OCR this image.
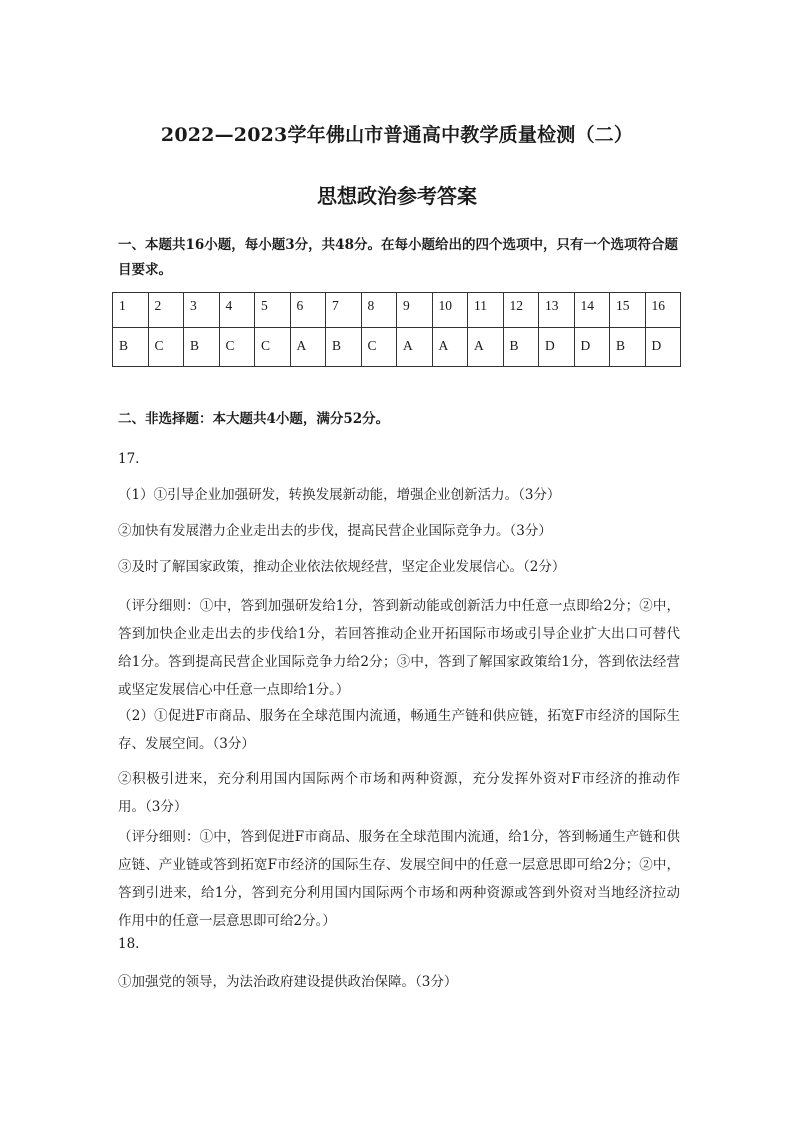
2022—2023学年佛山市普通高中教学质量检测（二）
思想政治参考答案
一、本题共16小题，每小题3分，共48分。在每小题给出的四个选项中，只有一个选项符合题目要求。
1	2	3	4	5	6	7	8	9	10	11	12	13	14	15	16
B	C	B	C	C	A	B	C	A	A	A	B	D	D	B	D
二、非选择题：本大题共4小题，满分52分。
17.
（1）①引导企业加强研发，转换发展新动能，增强企业创新活力。（3分）
②加快有发展潜力企业走出去的步伐，提高民营企业国际竞争力。（3分）
③及时了解国家政策，推动企业依法依规经营，坚定企业发展信心。（2分）
（评分细则：①中，答到加强研发给1分，答到新动能或创新活力中任意一点即给2分；②中，答到加快企业走出去的步伐给1分，若回答推动企业开拓国际市场或引导企业扩大出口可替代给1分。答到提高民营企业国际竞争力给2分；③中，答到了解国家政策给1分，答到依法经营或坚定发展信心中任意一点即给1分。）
（2）①促进F市商品、服务在全球范围内流通，畅通生产链和供应链，拓宽F市经济的国际生存、发展空间。（3分）
②积极引进来，充分利用国内国际两个市场和两种资源，充分发挥外资对F市经济的推动作用。（3分）
（评分细则：①中，答到促进F市商品、服务在全球范围内流通，给1分，答到畅通生产链和供应链、产业链或答到拓宽F市经济的国际生存、发展空间中的任意一层意思即可给2分；②中，答到引进来，给1分，答到充分利用国内国际两个市场和两种资源或答到外资对当地经济拉动作用中的任意一层意思即可给2分。）
18.
①加强党的领导，为法治政府建设提供政治保障。（3分）
